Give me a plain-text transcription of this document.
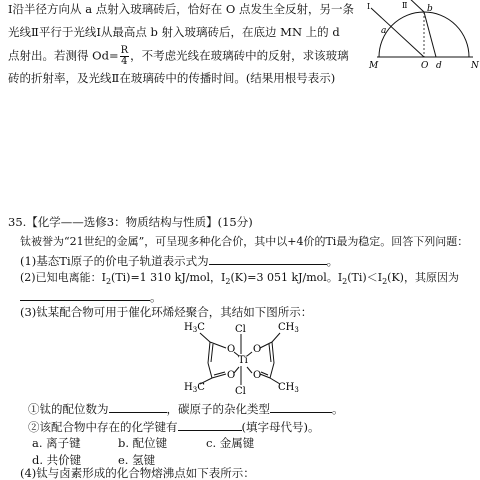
Ⅰ沿半径方向从 a 点射入玻璃砖后，恰好在 O 点发生全反射，另一条
光线Ⅱ平行于光线Ⅰ从最高点 b 射入玻璃砖后，在底边 MN 上的 d
点射出。若测得 $Od= \frac{R}{4}$ ，不考虑光线在玻璃砖中的反射，求该玻璃
砖的折射率，及光线Ⅱ在玻璃砖中的传播时间。(结果用根号表示)
Ⅰ	Ⅱ
a
b
M	O d	N
35.【化学——选修3：物质结构与性质】(15分)
钛被誉为“21世纪的金属”，可呈现多种化合价，其中以+4价的Ti最为稳定。回答下列问题：
(1)基态Ti原子的价电子轨道表示式为	。
(2)已知电离能：$I_2(Ti)=1$ 310 kJ/mol，$I_2(K)=3$ 051 kJ/mol。$I_2(Ti)<I_2(K)$，其原因为
。
(3)钛某配合物可用于催化环烯烃聚合，其结如下图所示：
$H_3C$	Cl	$CH_3$
O O
Ti
O O
$H_3C$	Cl	$CH_3$
①钛的配位数为	，碳原子的杂化类型	。
②该配合物中存在的化学键有	(填字母代号)。
a. 离子键	b. 配位键	c. 金属键
d. 共价键	e. 氢键
(4)钛与卤素形成的化合物熔沸点如下表所示：
